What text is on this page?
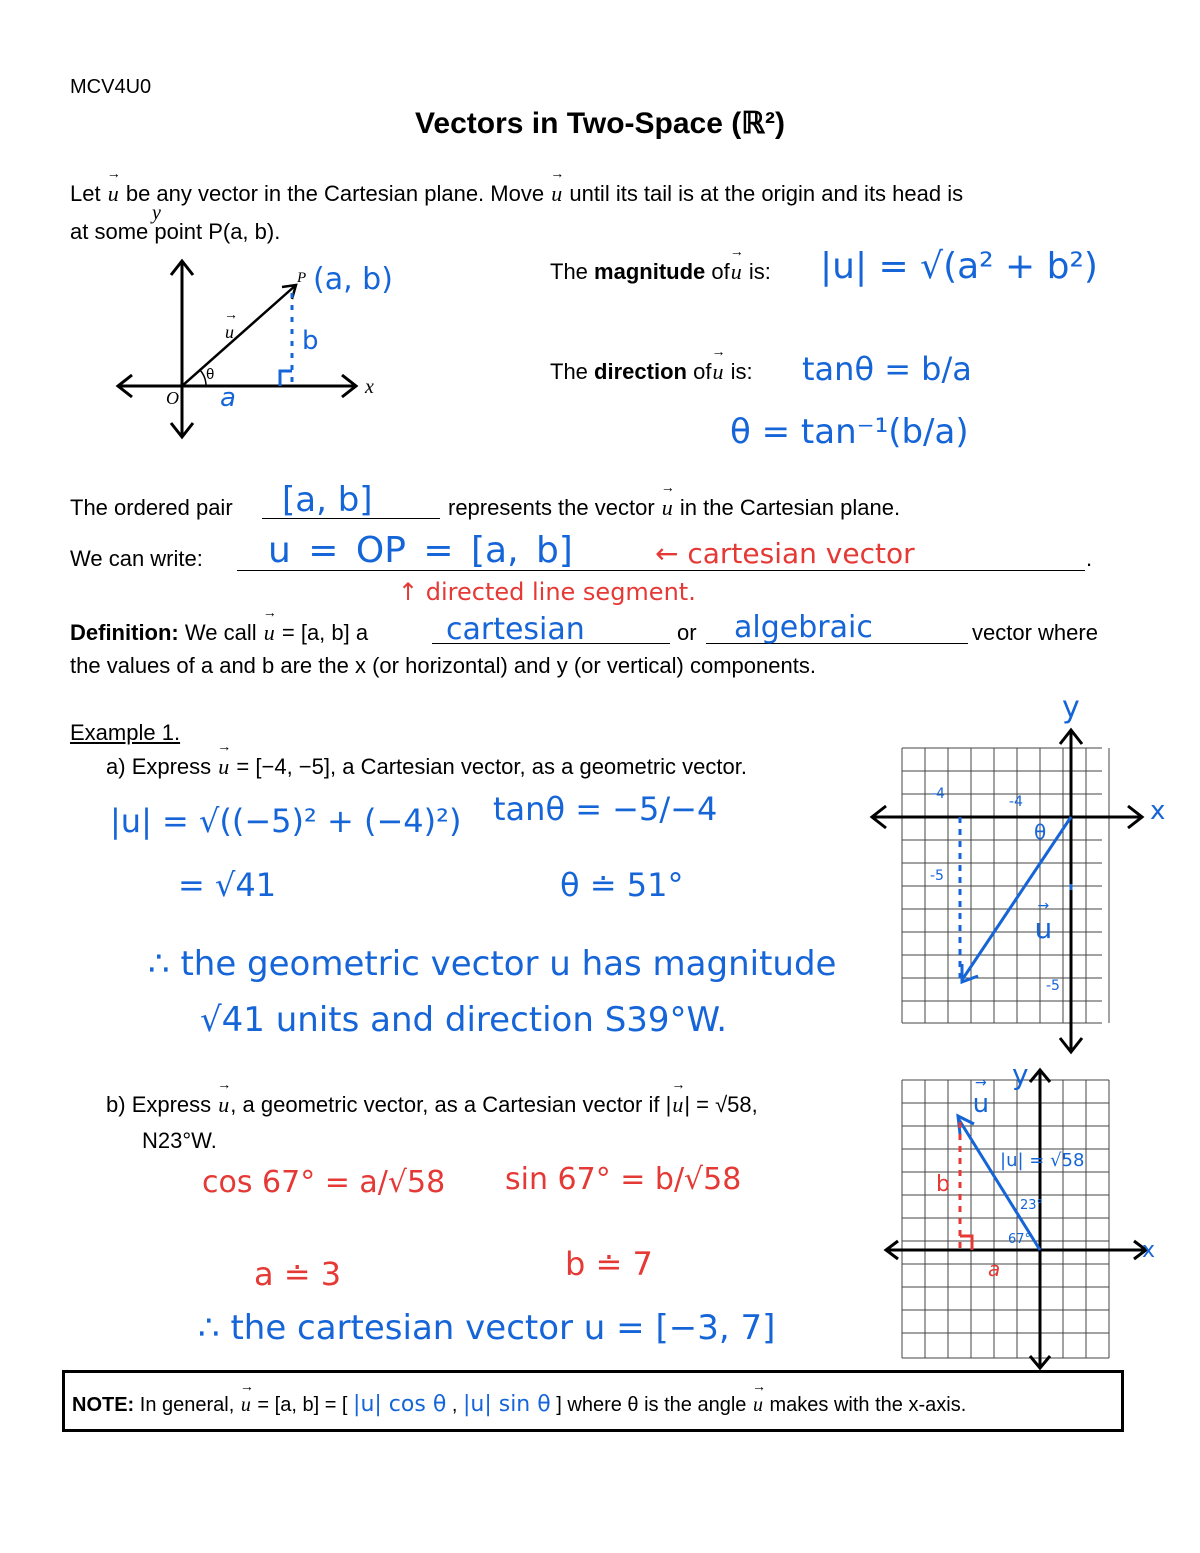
MCV4U0
Vectors in Two-Space (ℝ²)
Let → u be any vector in the Cartesian plane. Move → u until its tail is at the origin and its head is
at some point P(a, b).
x
y
O
θ
→ u
P (a, b)
b
a
The magnitude of→ u is: |u| = √(a² + b²)
The direction of→ u is: tanθ = b/a
θ = tan⁻¹(b/a)
The ordered pair [a, b]	represents the vector → u in the Cartesian plane.
We can write:	.
u = OP = [a, b]	← cartesian vector
↑ directed line segment.
Definition: We call → u = [a, b] a	cartesian	or algebraic	vector where
the values of a and b are the x (or horizontal) and y (or vertical) components.
Example 1.
a) Express → u = [−4, −5], a Cartesian vector, as a geometric vector.
|u| = √((−5)² + (−4)²)
= √41
tanθ = −5/−4
θ ≐ 51°
∴ the geometric vector u has magnitude
√41 units and direction S39°W.
x
y
-4	-4
-5
-5
θ
→ u
b) Express → u, a geometric vector, as a Cartesian vector if |→ u| = √58,
N23°W.
cos 67° = a/√58 sin 67° = b/√58
a ≐ 3	b ≐ 7
∴ the cartesian vector u = [−3, 7]
x
y
→ u
|u| = √58
b
a
23°
67°
NOTE: In general, → u = [a, b] = [ |u| cos θ , |u| sin θ ] where θ is the angle → u makes with the x-axis.
